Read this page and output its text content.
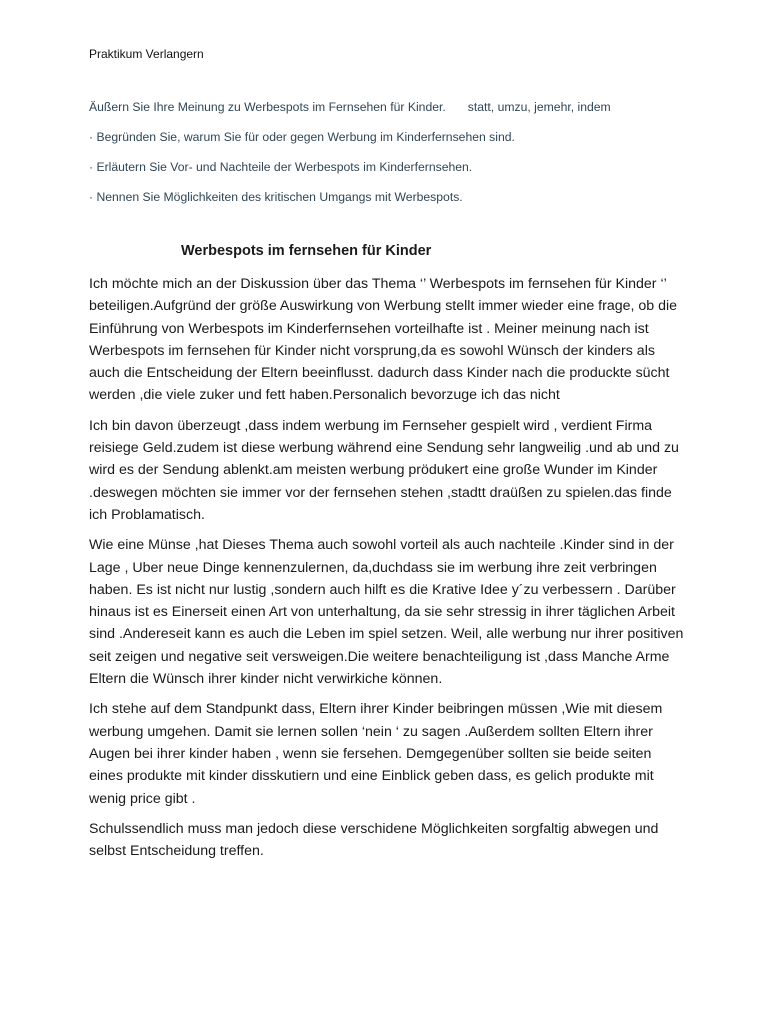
Praktikum Verlangern
Äußern Sie Ihre Meinung zu Werbespots im Fernsehen für Kinder. statt, umzu, jemehr, indem
· Begründen Sie, warum Sie für oder gegen Werbung im Kinderfernsehen sind.
· Erläutern Sie Vor- und Nachteile der Werbespots im Kinderfernsehen.
· Nennen Sie Möglichkeiten des kritischen Umgangs mit Werbespots.
Werbespots im fernsehen für Kinder

Ich möchte mich an der Diskussion über das Thema ‘’ Werbespots im fernsehen für Kinder ‘’ beteiligen.Aufgründ der größe Auswirkung von Werbung stellt immer wieder eine frage, ob die Einführung von Werbespots im Kinderfernsehen vorteilhafte ist . Meiner meinung nach ist Werbespots im fernsehen für Kinder nicht vorsprung,da es sowohl Wünsch der kinders als auch die Entscheidung der Eltern beeinflusst. dadurch dass Kinder nach die produckte sücht werden ,die viele zuker und fett haben.Personalich bevorzuge ich das nicht

Ich bin davon überzeugt ,dass indem werbung im Fernseher gespielt wird , verdient Firma reisiege Geld.zudem ist diese werbung während eine Sendung sehr langweilig .und ab und zu wird es der Sendung ablenkt.am meisten werbung prödukert eine große Wunder im Kinder .deswegen möchten sie immer vor der fernsehen stehen ,stadtt draüßen zu spielen.das finde ich Problamatisch.

Wie eine Münse ,hat Dieses Thema auch sowohl vorteil als auch nachteile .Kinder sind in der Lage , Uber neue Dinge kennenzulernen, da,duchdass sie im werbung ihre zeit verbringen haben. Es ist nicht nur lustig ,sondern auch hilft es die Krative Idee y´zu verbessern . Darüber hinaus ist es Einerseit einen Art von unterhaltung, da sie sehr stressig in ihrer täglichen Arbeit sind .Andereseit kann es auch die Leben im spiel setzen. Weil, alle werbung nur ihrer positiven seit zeigen und negative seit versweigen.Die weitere benachteiligung ist ,dass Manche Arme Eltern die Wünsch ihrer kinder nicht verwirkiche können.

Ich stehe auf dem Standpunkt dass, Eltern ihrer Kinder beibringen müssen ,Wie mit diesem werbung umgehen. Damit sie lernen sollen ‘nein ‘ zu sagen .Außerdem sollten Eltern ihrer Augen bei ihrer kinder haben , wenn sie fersehen. Demgegenüber sollten sie beide seiten eines produkte mit kinder disskutiern und eine Einblick geben dass, es gelich produkte mit wenig price gibt .

Schulssendlich muss man jedoch diese verschidene Möglichkeiten sorgfaltig abwegen und selbst Entscheidung treffen.
